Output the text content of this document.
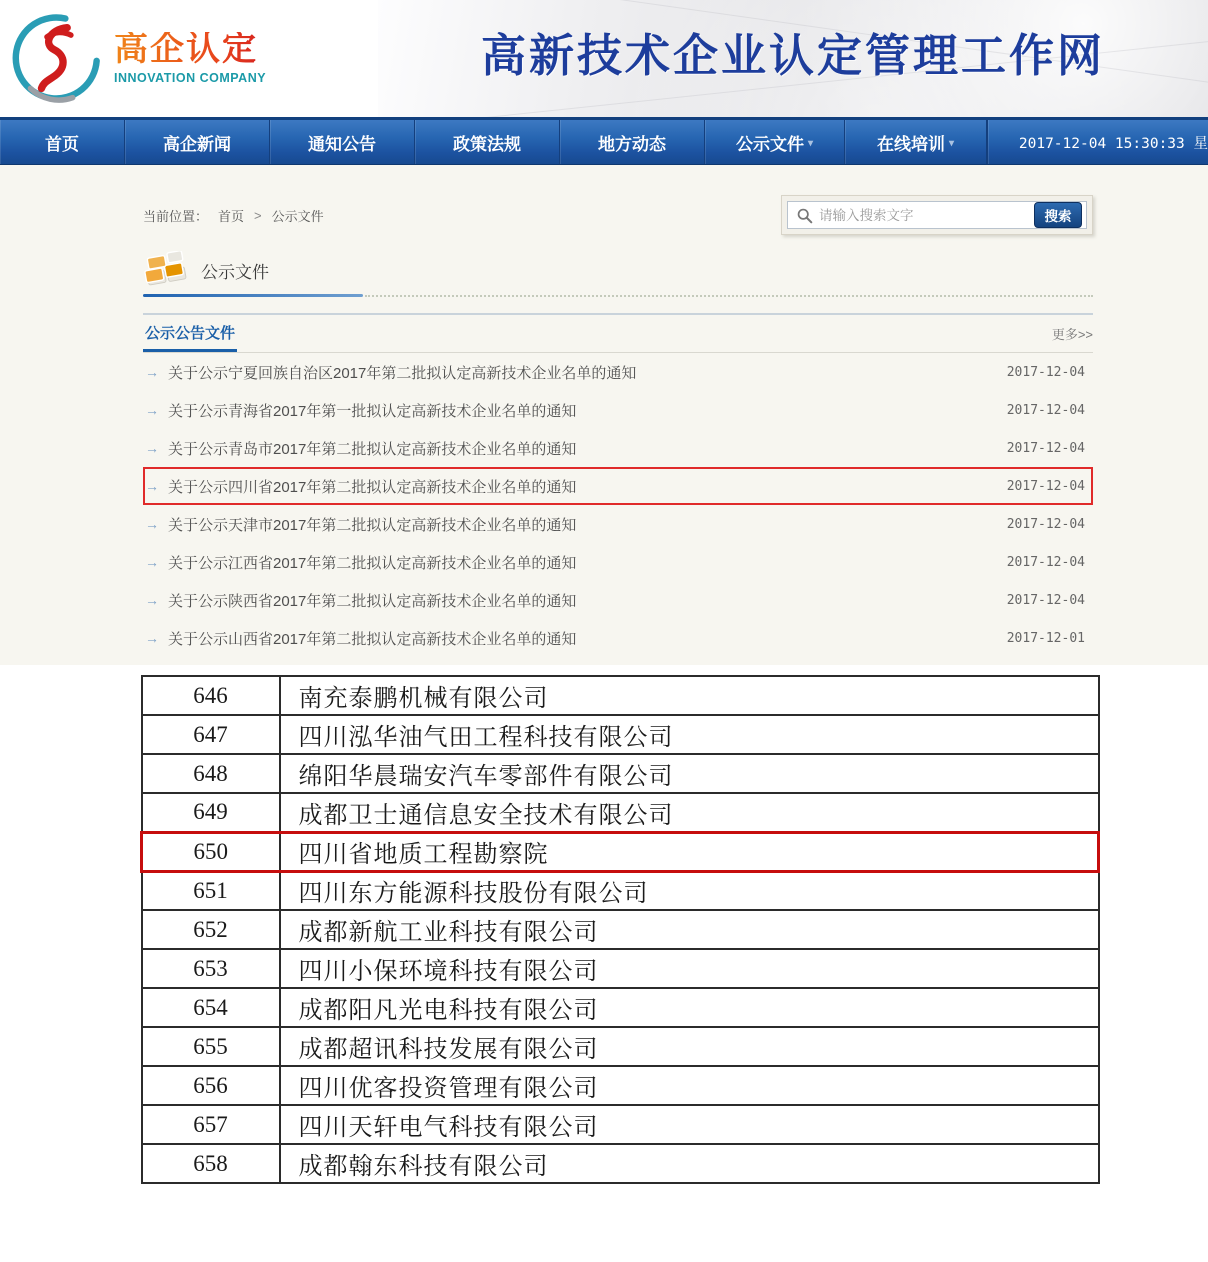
高企认定
INNOVATION COMPANY	高新技术企业认定管理工作网
首页	高企新闻	通知公告	政策法规	地方动态	公示文件 ▾	在线培训 ▾	2017-12-04 15:30:33 星
当前位置： 首页 > 公示文件
请输入搜索文字	搜索
公示文件
公示公告文件	更多>>
→ 关于公示宁夏回族自治区2017年第二批拟认定高新技术企业名单的通知	2017-12-04
→ 关于公示青海省2017年第一批拟认定高新技术企业名单的通知	2017-12-04
→ 关于公示青岛市2017年第二批拟认定高新技术企业名单的通知	2017-12-04
→ 关于公示四川省2017年第二批拟认定高新技术企业名单的通知	2017-12-04
→ 关于公示天津市2017年第二批拟认定高新技术企业名单的通知	2017-12-04
→ 关于公示江西省2017年第二批拟认定高新技术企业名单的通知	2017-12-04
→ 关于公示陕西省2017年第二批拟认定高新技术企业名单的通知	2017-12-04
→ 关于公示山西省2017年第二批拟认定高新技术企业名单的通知	2017-12-01
646	南充泰鹏机械有限公司
647	四川泓华油气田工程科技有限公司
648	绵阳华晨瑞安汽车零部件有限公司
649	成都卫士通信息安全技术有限公司
650	四川省地质工程勘察院
651	四川东方能源科技股份有限公司
652	成都新航工业科技有限公司
653	四川小保环境科技有限公司
654	成都阳凡光电科技有限公司
655	成都超讯科技发展有限公司
656	四川优客投资管理有限公司
657	四川天轩电气科技有限公司
658	成都翰东科技有限公司
